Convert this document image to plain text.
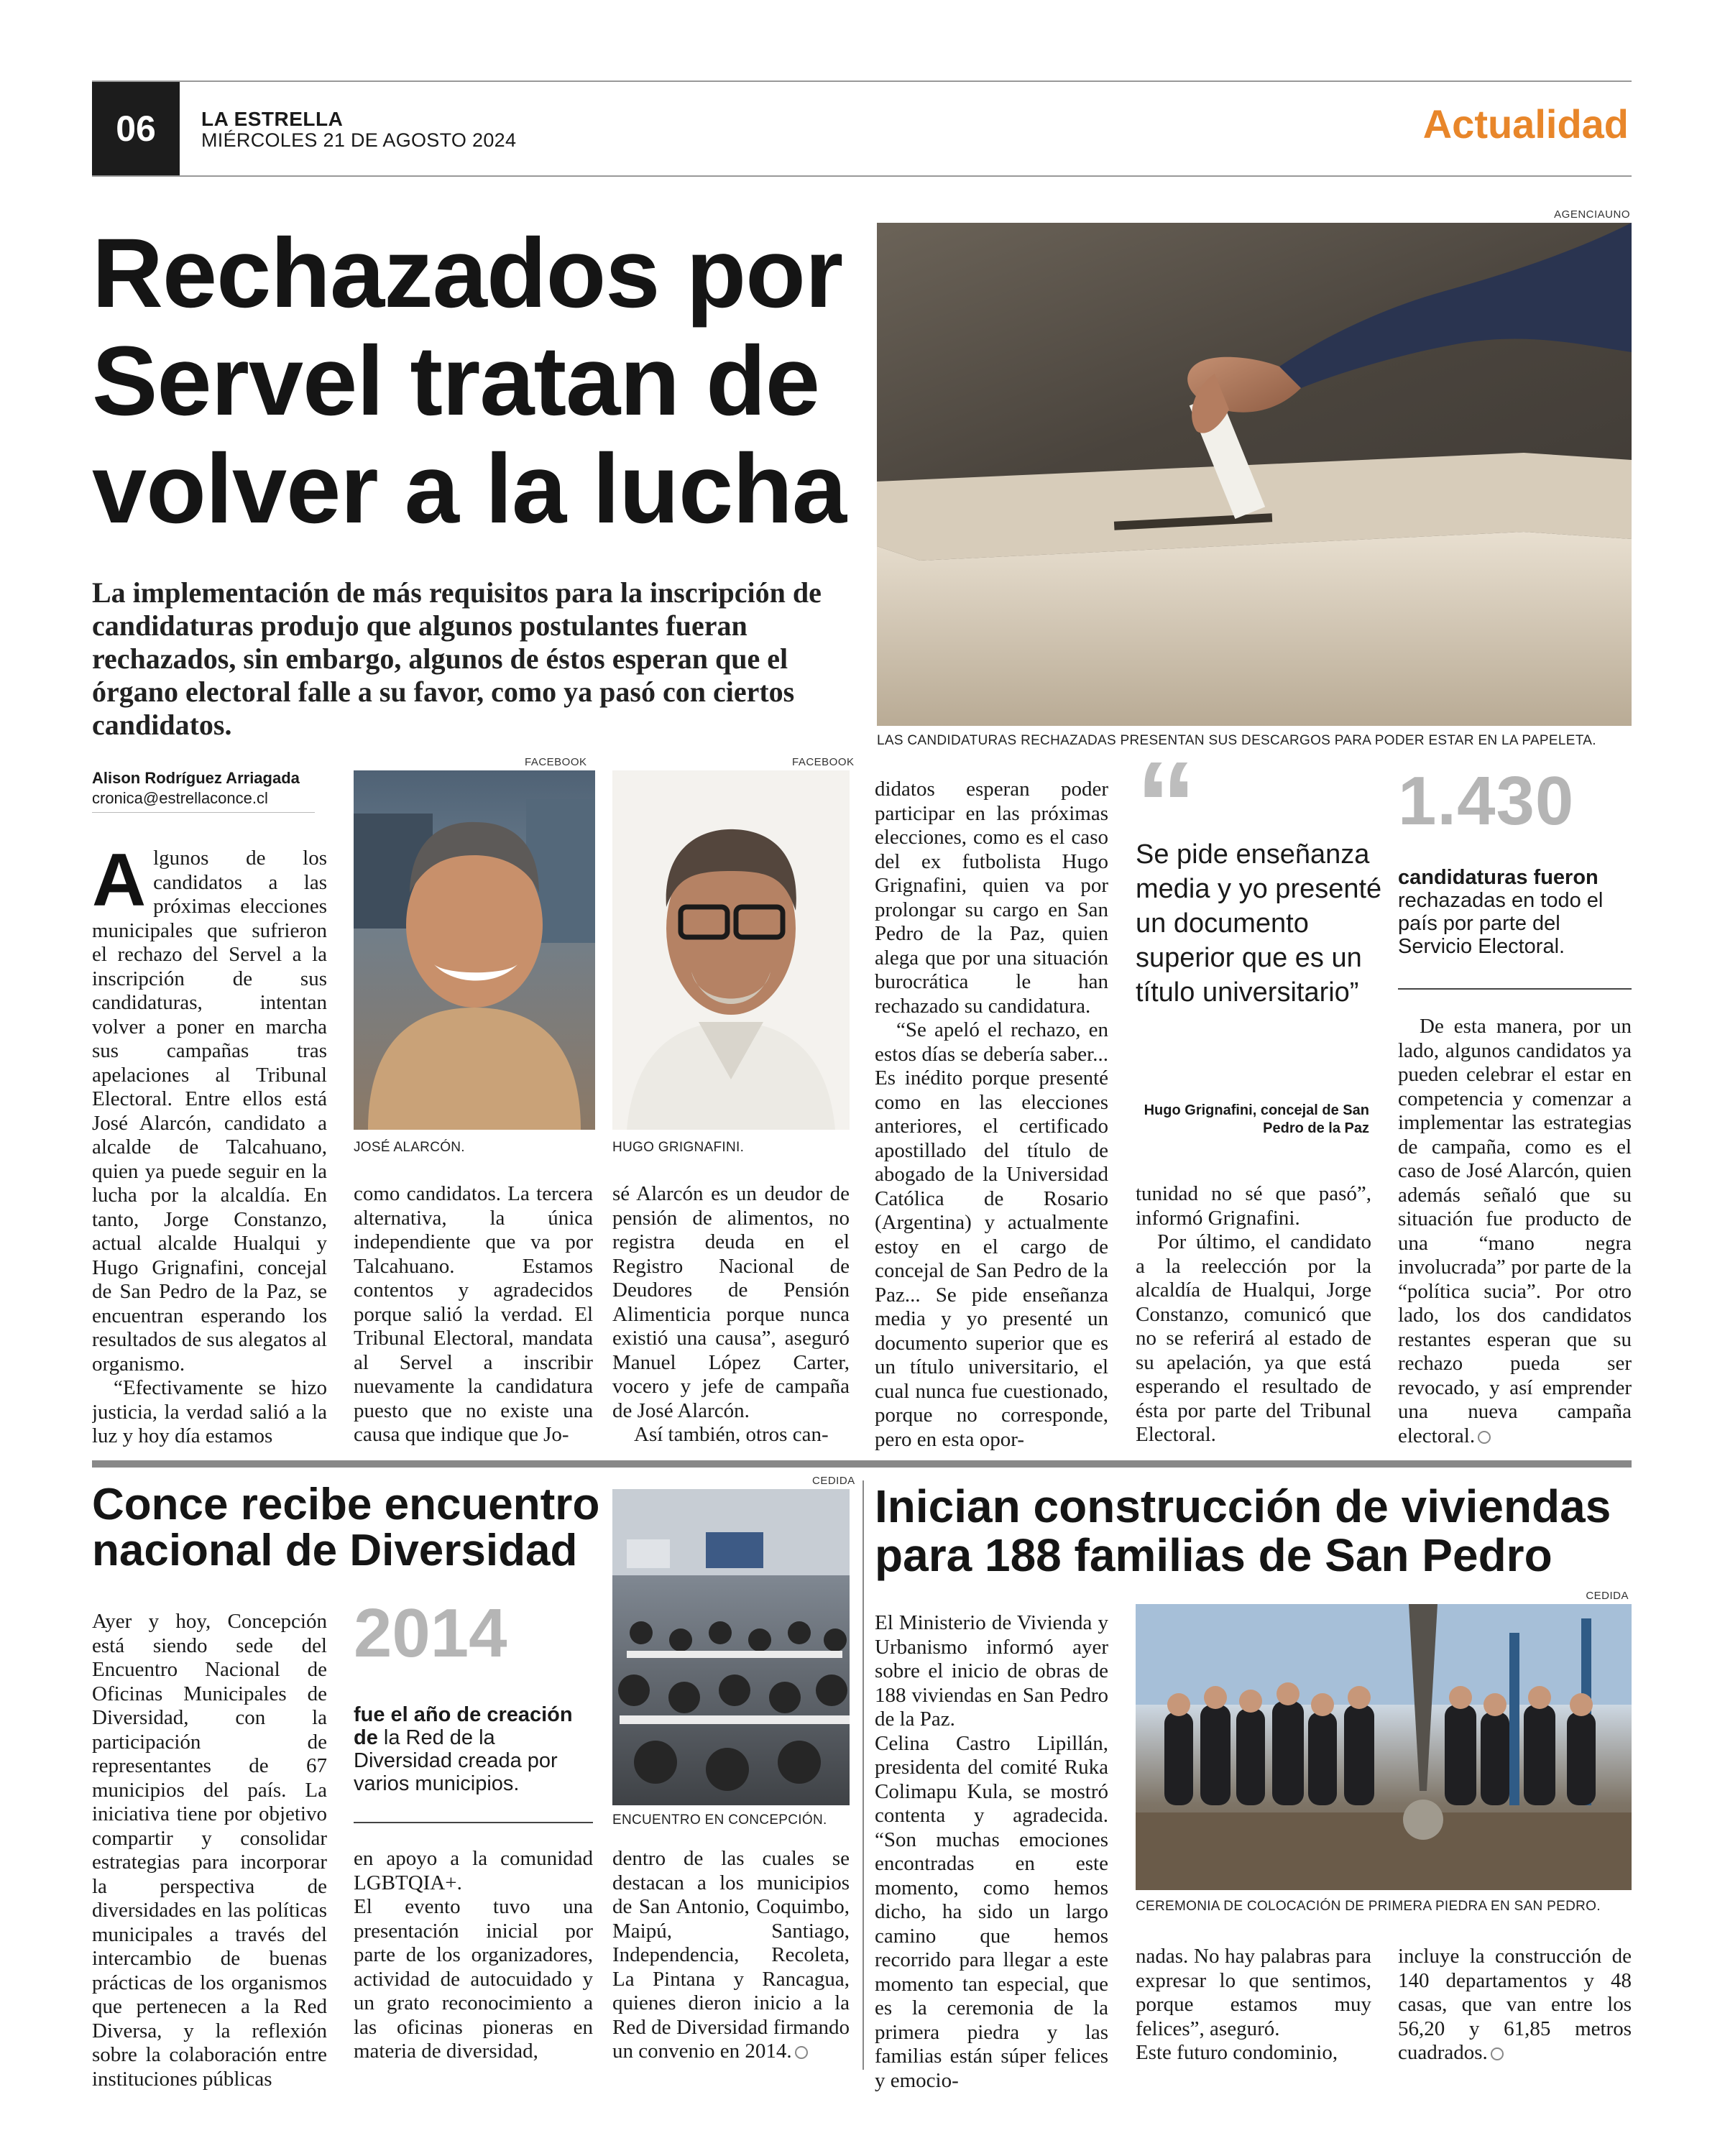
06 LA ESTRELLA
MIÉRCOLES 21 DE AGOSTO 2024	Actualidad
Rechazados por
Servel tratan de
volver a la lucha
La implementación de más requisitos para la inscripción de candidaturas produjo que algunos postulantes fueran rechazados, sin embargo, algunos de éstos esperan que el órgano electoral falle a su favor, como ya pasó con ciertos candidatos.
AGENCIAUNO
LAS CANDIDATURAS RECHAZADAS PRESENTAN SUS DESCARGOS PARA PODER ESTAR EN LA PAPELETA.
Alison Rodríguez Arriagada
cronica@estrellaconce.cl
FACEBOOK
JOSÉ ALARCÓN.
FACEBOOK
HUGO GRIGNAFINI.
A lgunos de los candidatos a las próximas elecciones municipales que sufrieron el rechazo del Servel a la inscripción de sus candidaturas, intentan volver a poner en marcha sus campañas tras apelaciones al Tribunal Electoral. Entre ellos está José Alarcón, candidato a alcalde de Talcahuano, quien ya puede seguir en la lucha por la alcaldía. En tanto, Jorge Constanzo, actual alcalde Hualqui y Hugo Grignafini, concejal de San Pedro de la Paz, se encuentran esperando los resultados de sus alegatos al organismo.

“Efectivamente se hizo justicia, la verdad salió a la luz y hoy día estamos

como candidatos. La tercera alternativa, la única independiente que va por Talcahuano. Estamos contentos y agradecidos porque salió la verdad. El Tribunal Electoral, mandata al Servel a inscribir nuevamente la candidatura puesto que no existe una causa que indique que Jo-

sé Alarcón es un deudor de pensión de alimentos, no registra deuda en el Registro Nacional de Deudores de Pensión Alimenticia porque nunca existió una causa”, aseguró Manuel López Carter, vocero y jefe de campaña de José Alarcón.

Así también, otros can-

didatos esperan poder participar en las próximas elecciones, como es el caso del ex futbolista Hugo Grignafini, quien va por prolongar su cargo en San Pedro de la Paz, quien alega que por una situación burocrática le han rechazado su candidatura.

“Se apeló el rechazo, en estos días se debería saber... Es inédito porque presenté como en las elecciones anteriores, el certificado apostillado del título de abogado de la Universidad Católica de Rosario (Argentina) y actualmente estoy en el cargo de concejal de San Pedro de la Paz... Se pide enseñanza media y yo presenté un documento superior que es un título universitario, el cual nunca fue cuestionado, porque no corresponde, pero en esta opor-

“
Se pide enseñanza media y yo presenté un documento superior que es un título universitario”
Hugo Grignafini, concejal de San Pedro de la Paz

tunidad no sé que pasó”, informó Grignafini.

Por último, el candidato a la reelección por la alcaldía de Hualqui, Jorge Constanzo, comunicó que no se referirá al estado de su apelación, ya que está esperando el resultado de ésta por parte del Tribunal Electoral.

1.430
candidaturas fueron rechazadas en todo el país por parte del Servicio Electoral.

De esta manera, por un lado, algunos candidatos ya pueden celebrar el estar en competencia y comenzar a implementar las estrategias de campaña, como es el caso de José Alarcón, quien además señaló que su situación fue producto de una “mano negra involucrada” por parte de la “política sucia”. Por otro lado, los dos candidatos restantes esperan que su rechazo pueda ser revocado, y así emprender una nueva campaña electoral.

Conce recibe encuentro
nacional de Diversidad

Ayer y hoy, Concepción está siendo sede del Encuentro Nacional de Oficinas Municipales de Diversidad, con la participación de representantes de 67 municipios del país. La iniciativa tiene por objetivo compartir y consolidar estrategias para incorporar la perspectiva de diversidades en las políticas municipales a través del intercambio de buenas prácticas de los organismos que pertenecen a la Red Diversa, y la reflexión sobre la colaboración entre instituciones públicas

2014
fue el año de creación de la Red de la Diversidad creada por varios municipios.

en apoyo a la comunidad LGBTQIA+.

El evento tuvo una presentación inicial por parte de los organizadores, actividad de autocuidado y un grato reconocimiento a las oficinas pioneras en materia de diversidad,

CEDIDA
ENCUENTRO EN CONCEPCIÓN.

dentro de las cuales se destacan a los municipios de San Antonio, Coquimbo, Maipú, Santiago, Independencia, Recoleta, La Pintana y Rancagua, quienes dieron inicio a la Red de Diversidad firmando un convenio en 2014.

Inician construcción de viviendas
para 188 familias de San Pedro

El Ministerio de Vivienda y Urbanismo informó ayer sobre el inicio de obras de 188 viviendas en San Pedro de la Paz.

Celina Castro Lipillán, presidenta del comité Ruka Colimapu Kula, se mostró contenta y agradecida. “Son muchas emociones encontradas en este momento, como hemos dicho, ha sido un largo camino que hemos recorrido para llegar a este momento tan especial, que es la ceremonia de la primera piedra y las familias están súper felices y emocio-

CEDIDA
CEREMONIA DE COLOCACIÓN DE PRIMERA PIEDRA EN SAN PEDRO.

nadas. No hay palabras para expresar lo que sentimos, porque estamos muy felices”, aseguró.

Este futuro condominio,

incluye la construcción de 140 departamentos y 48 casas, que van entre los 56,20 y 61,85 metros cuadrados.
